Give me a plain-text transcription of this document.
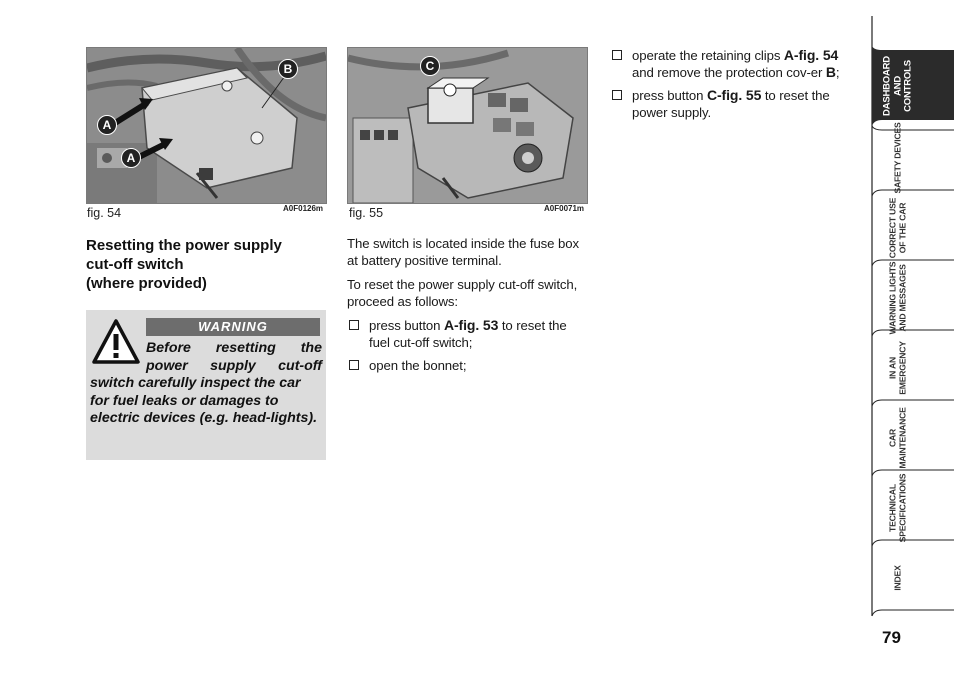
A
A
B
fig. 54	A0F0126m
C
fig. 55	A0F0071m
Resetting the power supply
cut-off switch
(where provided)
WARNING
Before resetting the
power supply cut-off
switch carefully inspect the car for fuel leaks or damages to electric devices (e.g. head-lights).

The switch is located inside the fuse box at battery positive terminal.

To reset the power supply cut-off switch, proceed as follows:

press button A-fig. 53 to reset the fuel cut-off switch;
open the bonnet;
operate the retaining clips A-fig. 54 and remove the protection cov-er B;
press button C-fig. 55 to reset the power supply.	DASHBOARD AND CONTROLS
SAFETY DEVICES
CORRECT USE OF THE CAR
WARNING LIGHTS AND MESSAGES
IN AN EMERGENCY
CAR MAINTENANCE
TECHNICAL SPECIFICATIONS
INDEX
79
